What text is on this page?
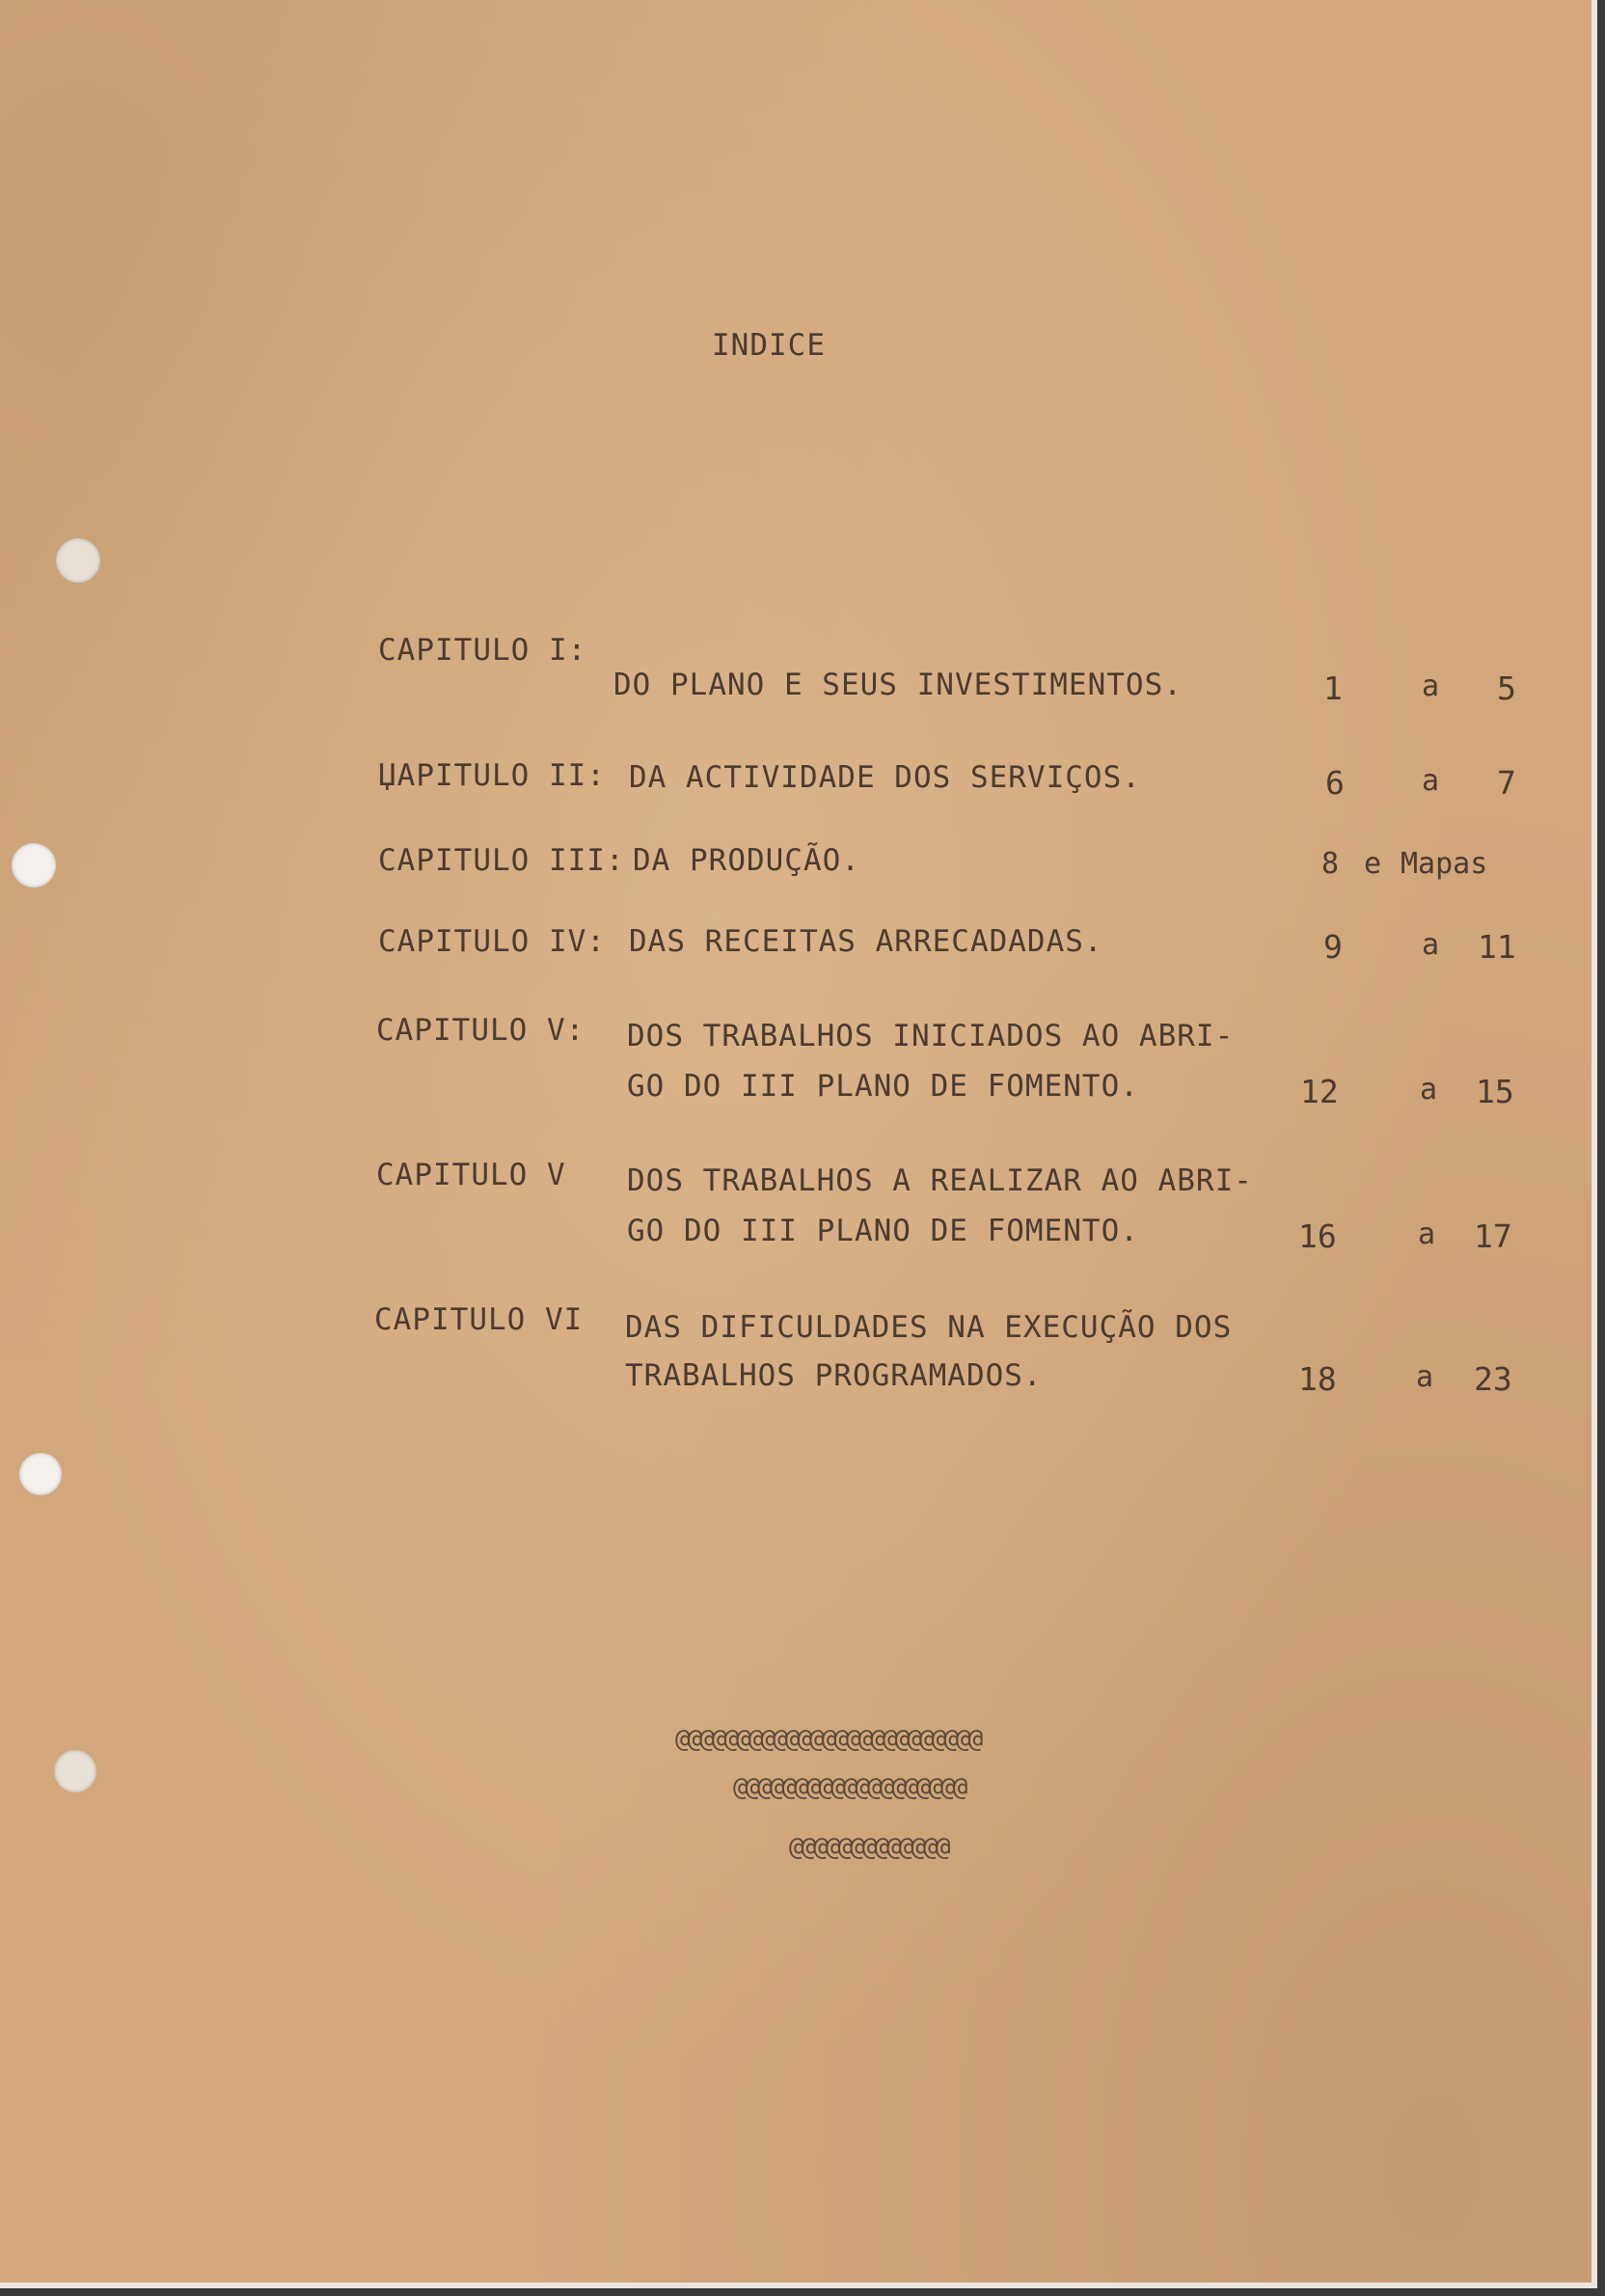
INDICE
CAPITULO I:
DO PLANO E SEUS INVESTIMENTOS.	1	a 5
ЏAPITULO II: DA ACTIVIDADE DOS SERVIÇOS.	6	a 7
CAPITULO III: DA PRODUÇÃO.	8 e Mapas
CAPITULO IV: DAS RECEITAS ARRECADADAS.	9	a 11
CAPITULO V: DOS TRABALHOS INICIADOS AO ABRI-
GO DO III PLANO DE FOMENTO.	12	a 15
CAPITULO V DOS TRABALHOS A REALIZAR AO ABRI-
GO DO III PLANO DE FOMENTO.	16	a 17
CAPITULO VI DAS DIFICULDADES NA EXECUÇÃO DOS
TRABALHOS PROGRAMADOS.	18	a 23
@@@@@@@@@@@@@@@@@@@@@@@@@
@@@@@@@@@@@@@@@@@@@
@@@@@@@@@@@@@
